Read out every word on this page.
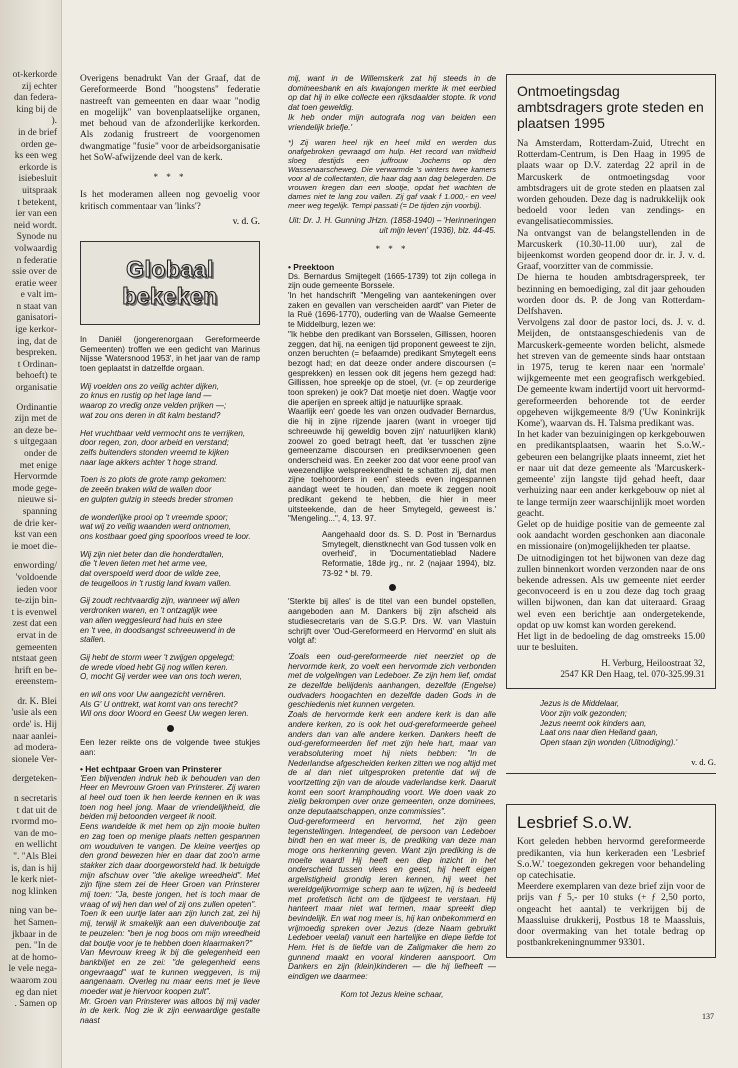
ot-kerkorde
zij echter
dan federa-
king bij de
).
in de brief
orden ge-
ks een weg
erkorde is
isiebesluit
uitspraak
t betekent,
ier van een
neid wordt.
Synode nu
volwaardig
n federatie
ssie over de
eratie weer
e valt im-
n staat van
ganisatori-
ige kerkor-
ing, dat de
bespreken.
t Ordinan-
behoeft) te
organisatie
Ordinantie
zijn met de
an deze be-
s uitgegaan
onder de
met enige
Hervormde
mode gege-
nieuwe si-
spanning
de drie ker-
kst van een
ie moet die-
enwording/
'voldoende
ieden voor
te-zijn bin-
t is evenwel
zest dat een
ervat in de
gemeenten
ntstaat geen
hrift en be-
ereenstem-
dr. K. Blei
'usie als een
orde' is. Hij
naar aanlei-
ad modera-
sionele Ver-
dergeteken-
n secretaris
t dat uit de
rvormd mo-
van de mo-
en wellicht
". "Als Blei
is, dan is hij
le kerk niet-
nog klinken
ning van be-
het Samen-
jkbaar in de
pen. "In de
at de homo-
le vele nega-
waarom zou
eg dan niet
. Samen op

Overigens benadrukt Van der Graaf, dat de Gereformeerde Bond "hoogstens" federatie nastreeft van gemeenten en daar waar "nodig en mogelijk" van bovenplaatselijke organen, met behoud van de afzonderlijke kerkorden. Als zodanig frustreert de voorgenomen dwangmatige "fusie" voor de arbeidsorganisatie het SoW-afwijzende deel van de kerk.

* * *

Is het moderamen alleen nog gevoelig voor kritisch commentaar van 'links'?

v. d. G.
Globaal bekeken

In Daniël (jongerenorgaan Gereformeerde Gemeenten) troffen we een gedicht van Marinus Nijsse 'Watersnood 1953', in het jaar van de ramp toen geplaatst in datzelfde orgaan.

Wij voelden ons zo veilig achter dijken,
zo knus en rustig op het lage land —
waarop zo vredig onze velden prijken —;
wat zou ons deren in dit kalm bestand?
Het vruchtbaar veld vermocht ons te verrijken,
door regen, zon, door arbeid en verstand;
zelfs buitenders stonden vreemd te kijken
naar lage akkers achter 't hoge strand.
Toen is zo plots de grote ramp gekomen:
de zeeën braken wild de wallen door
en gulpten gulzig in steeds breder stromen
de wonderlijke prooi op 't vreemde spoor;
wat wij zo veilig waanden werd ontnomen,
ons kostbaar goed ging spoorloos vreed te loor.
Wij zijn niet beter dan die honderdtallen,
die 't leven lieten met het arme vee,
dat overspoeld werd door de wilde zee,
de teugelloos in 't rustig land kwam vallen.
Gij zoudt rechtvaardig zijn, wanneer wij allen
verdronken waren, en 't ontzaglijk wee
van allen weggesleurd had huis en stee
en 't vee, in doodsangst schreeuwend in de stallen.
Gij hebt de storm weer 't zwijgen opgelegd;
de wrede vloed hebt Gij nog willen keren.
O, mocht Gij verder wee van ons toch weren,
en wil ons voor Uw aangezicht vernêren.
Als G' U onttrekt, wat komt van ons terecht?
Wil ons door Woord en Geest Uw wegen leren.

Een lezer reikte ons de volgende twee stukjes aan:

• Het echtpaar Groen van Prinsterer

'Een blijvenden indruk heb ik behouden van den Heer en Mevrouw Groen van Prinsterer. Zij waren al heel oud toen ik hen leerde kennen en ik was toen nog heel jong. Maar de vriendelijkheid, die beiden mij betoonden vergeet ik nooit.

Eens wandelde ik met hem op zijn mooie buiten en zag toen op menige plaats netten gespannen om wouduiven te vangen. De kleine veertjes op den grond bewezen hier en daar dat zoo'n arme stakker zich daar doorgeworsteld had. Ik betuigde mijn afschuw over "die akelige wreedheid". Met zijn fijne stem zei de Heer Groen van Prinsterer mij toen: "Ja, beste jongen, het is toch maar de vraag of wij hen dan wel of zij ons zullen opeten".

Toen ik een uurtje later aan zijn lunch zat, zei hij mij, terwijl ik smakelijk aan een duivenboutje zat te peuzelen: "ben je nog boos om mijn wreedheid dat boutje voor je te hebben doen klaarmaken?"

Van Mevrouw kreeg ik bij die gelegenheid een bankbiljet en ze zei: "de gelegenheid eens ongevraagd" wat te kunnen weggeven, is mij aangenaam. Overleg nu maar eens met je lieve moeder wat je hiervoor koopen zult".

Mr. Groen van Prinsterer was altoos bij mij vader in de kerk. Nog zie ik zijn eerwaardige gestalte naast

mij, want in de Willemskerk zat hij steeds in de domineesbank en als kwajongen merkte ik met eerbied op dat hij in elke collecte een rijksdaalder stopte. Ik vond dat toen geweldig.

Ik heb onder mijn autografa nog van beiden een vriendelijk briefje.'

*) Zij waren heel rijk en heel mild en werden dus onafgebroken gevraagd om hulp. Het record van mildheid sloeg destijds een juffrouw Jochems op den Wassenaarscheweg. Die verwarmde 's winters twee kamers voor al de collectanten, die haar dag aan dag belegerden. De vrouwen kregen dan een slootje, opdat het wachten de dames niet te lang zou vallen. Zij gaf vaak f 1.000,- en veel meer weg tegelijk. Tempi passati (= De tijden zijn voorbij).

Uit: Dr. J. H. Gunning JHzn. (1858-1940) – 'Herinneringen uit mijn leven' (1936), blz. 44-45.

* * *

• Preektoon

Ds. Bernardus Smijtegelt (1665-1739) tot zijn collega in zijn oude gemeente Borssele.

'In het handschrift "Mengeling van aantekeningen over zaken en gevallen van verscheiden aardt" van Pieter de la Ruë (1696-1770), ouderling van de Waalse Gemeente te Middelburg, lezen we:

"Ik hebbe den predikant van Borsselen, Gillissen, hooren zeggen, dat hij, na eenigen tijd proponent geweest te zijn, onzen beruchten (= befaamde) predikant Smytegelt eens bezogt had; en dat deeze onder andere discoursen (= gesprekken) en lessen ook dit jegens hem gezegd had: Gillissen, hoe spreekje op de stoel, (vr. (= op zeurderige toon spreken) je ook? Dat moetje niet doen. Wagtje voor die aperijen en spreek altijd je natuurlijke spraak.

Waarlijk een' goede les van onzen oudvader Bernardus, die hij in zijne rijzende jaaren (want in vroeger tijd schreeuwde hij geweldig boven zijn' natuurlijken klank) zoowel zo goed betragt heeft, dat 'er tusschen zijne gemeenzame discoursen en predikservnoenen geen onderscheid was. En zeeker zoo dat voor eene proof van weezendlijke welspreekendheid te schatten zij, dat men zijne toehoorders in een' steeds even ingespannen aandagt weet te houden, dan moete ik zeggen nooit predikant gekend te hebben, die hier in meer uitsteekende, dan de heer Smytegeld, geweest is.' "Mengeling...", 4, 13. 97.

Aangehaald door ds. S. D. Post in 'Bernardus Smytegelt, dienstknecht van God tussen volk en overheid', in 'Documentatieblad Nadere Reformatie, 18de jrg., nr. 2 (najaar 1994), blz. 73-92 * bl. 79.

'Sterkte bij alles' is de titel van een bundel opstellen, aangeboden aan M. Dankers bij zijn afscheid als studiesecretaris van de S.G.P. Drs. W. van Vlastuin schrijft over 'Oud-Gereformeerd en Hervormd' en sluit als volgt af:

'Zoals een oud-gereformeerde niet neerziet op de hervormde kerk, zo voelt een hervormde zich verbonden met de volgelingen van Ledeboer. Ze zijn hem lief, omdat ze dezelfde beliijdenis aanhangen, dezelfde (Engelse) oudvaders hoogachten en dezelfde daden Gods in de geschiedenis niet kunnen vergeten.

Zoals de hervormde kerk een andere kerk is dan alle andere kerken, zo is ook het oud-gereformeerde geheel anders dan van alle andere kerken. Dankers heeft de oud-gereformeerden lief met zijn hele hart, maar van verabsolutering moet hij niets hebben: "In de Nederlandse afgescheiden kerken zitten we nog altijd met de al dan niet uitgesproken pretentie dat wij de voortzetting zijn van de aloude vaderlandse kerk. Daaruit komt een soort kramphouding voort. We doen vaak zo zielig bekrompen over onze gemeenten, onze dominees, onze deputaatschappen, onze commissies".

Oud-gereformeerd en hervormd, het zijn geen tegenstellingen. Integendeel, de persoon van Ledeboer bindt hen en wat meer is, de prediking van deze man moge ons herkenning geven. Want zijn prediking is de moeite waard! Hij heeft een diep inzicht in het onderscheid tussen vlees en geest, hij heeft eigen argelistigheid grondig leren kennen, hij weet het wereldgelijkvormige scherp aan te wijzen, hij is bedeeld met profetisch licht om de tijdgeest te verstaan. Hij hanteert maar niet wat termen, maar spreekt diep bevindelijk. En wat nog meer is, hij kan onbekommerd en vrijmoedig spreken over Jezus (deze Naam gebruikt Ledeboer veelal) vanuit een hartelijke en diepe liefde tot Hem. Het is de liefde van de Zaligmaker die hem zo gunnend maakt en vooral kinderen aanspoort. Om Dankers en zijn (klein)kinderen — die hij liefheeft — eindigen we daarmee:

Kom tot Jezus kleine schaar,

Ontmoetingsdag ambtsdragers grote steden en plaatsen 1995

Na Amsterdam, Rotterdam-Zuid, Utrecht en Rotterdam-Centrum, is Den Haag in 1995 de plaats waar op D.V. zaterdag 22 april in de Marcuskerk de ontmoetingsdag voor ambtsdragers uit de grote steden en plaatsen zal worden gehouden. Deze dag is nadrukkelijk ook bedoeld voor leden van zendings- en evangelisatiecommissies.

Na ontvangst van de belangstellenden in de Marcuskerk (10.30-11.00 uur), zal de bijeenkomst worden geopend door dr. ir. J. v. d. Graaf, voorzitter van de commissie.

De hierna te houden ambtsdragerspreek, ter bezinning en bemoediging, zal dit jaar gehouden worden door ds. P. de Jong van Rotterdam-Delfshaven.

Vervolgens zal door de pastor loci, ds. J. v. d. Meijden, de ontstaansgeschiedenis van de Marcuskerk-gemeente worden belicht, alsmede het streven van de gemeente sinds haar ontstaan in 1975, terug te keren naar een 'normale' wijkgemeente met een geografisch werkgebied. De gemeente kwam indertijd voort uit hervormd-gereformeerden behorende tot de eerder opgeheven wijkgemeente 8/9 ('Uw Koninkrijk Kome'), waarvan ds. H. Talsma predikant was.

In het kader van bezuinigingen op kerkgebouwen en predikantsplaatsen, waarin het S.o.W.-gebeuren een belangrijke plaats inneemt, ziet het er naar uit dat deze gemeente als 'Marcuskerk-gemeente' zijn langste tijd gehad heeft, daar verhuizing naar een ander kerkgebouw op niet al te lange termijn zeer waarschijnlijk moet worden geacht.

Gelet op de huidige positie van de gemeente zal ook aandacht worden geschonken aan diaconale en missionaire (on)mogelijkheden ter plaatse.

De uitnodigingen tot het bijwonen van deze dag zullen binnenkort worden verzonden naar de ons bekende adressen. Als uw gemeente niet eerder geconvoceerd is en u zou deze dag toch graag willen bijwonen, dan kan dat uiteraard. Graag wel even een berichtje aan ondergetekende, opdat op uw komst kan worden gerekend.

Het ligt in de bedoeling de dag omstreeks 15.00 uur te besluiten.

H. Verburg, Heiloostraat 32,
2547 KR Den Haag, tel. 070-325.99.31
Jezus is de Middelaar,
Voor zijn volk gezonden;
Jezus neemt ook kinders aan,
Laat ons naar dien Heiland gaan,
Open staan zijn wonden (Uitnodiging).'
v. d. G.
Lesbrief S.o.W.

Kort geleden hebben hervormd gereformeerde predikanten, via hun kerkeraden een 'Lesbrief S.o.W.' toegezonden gekregen voor behandeling op catechisatie.

Meerdere exemplaren van deze brief zijn voor de prijs van ƒ 5,- per 10 stuks (+ ƒ 2,50 porto, ongeacht het aantal) te verkrijgen bij de Maassluise drukkerij, Postbus 18 te Maassluis, door overmaking van het totale bedrag op postbankrekeningnummer 93301.

137
